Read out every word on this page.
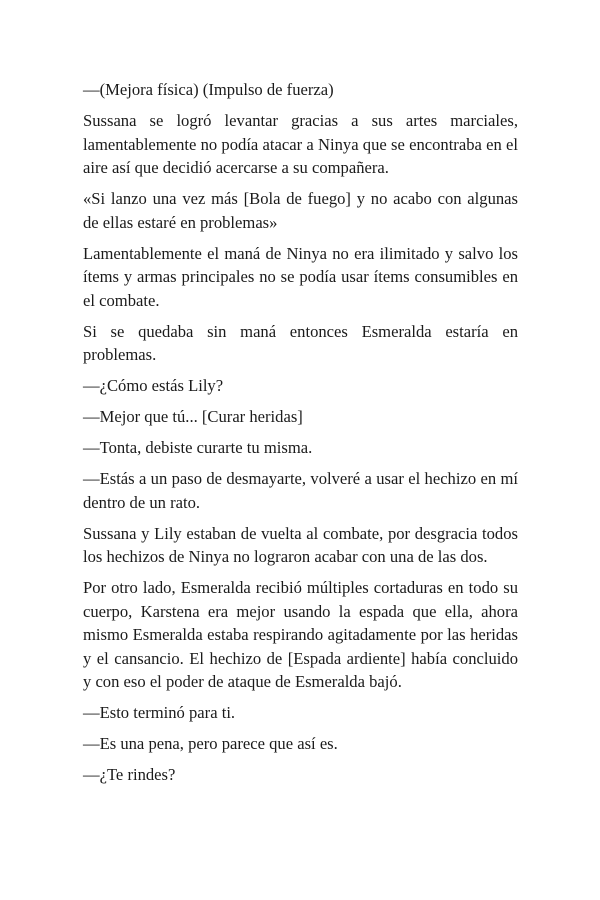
—(Mejora física) (Impulso de fuerza)

Sussana se logró levantar gracias a sus artes marciales, lamentablemente no podía atacar a Ninya que se encontraba en el aire así que decidió acercarse a su compañera.

«Si lanzo una vez más [Bola de fuego] y no acabo con algunas de ellas estaré en problemas»

Lamentablemente el maná de Ninya no era ilimitado y salvo los ítems y armas principales no se podía usar ítems consumibles en el combate.

Si se quedaba sin maná entonces Esmeralda estaría en problemas.

—¿Cómo estás Lily?

—Mejor que tú... [Curar heridas]

—Tonta, debiste curarte tu misma.

—Estás a un paso de desmayarte, volveré a usar el hechizo en mí dentro de un rato.

Sussana y Lily estaban de vuelta al combate, por desgracia todos los hechizos de Ninya no lograron acabar con una de las dos.

Por otro lado, Esmeralda recibió múltiples cortaduras en todo su cuerpo, Karstena era mejor usando la espada que ella, ahora mismo Esmeralda estaba respirando agitadamente por las heridas y el cansancio. El hechizo de [Espada ardiente] había concluido y con eso el poder de ataque de Esmeralda bajó.

—Esto terminó para ti.

—Es una pena, pero parece que así es.

—¿Te rindes?
